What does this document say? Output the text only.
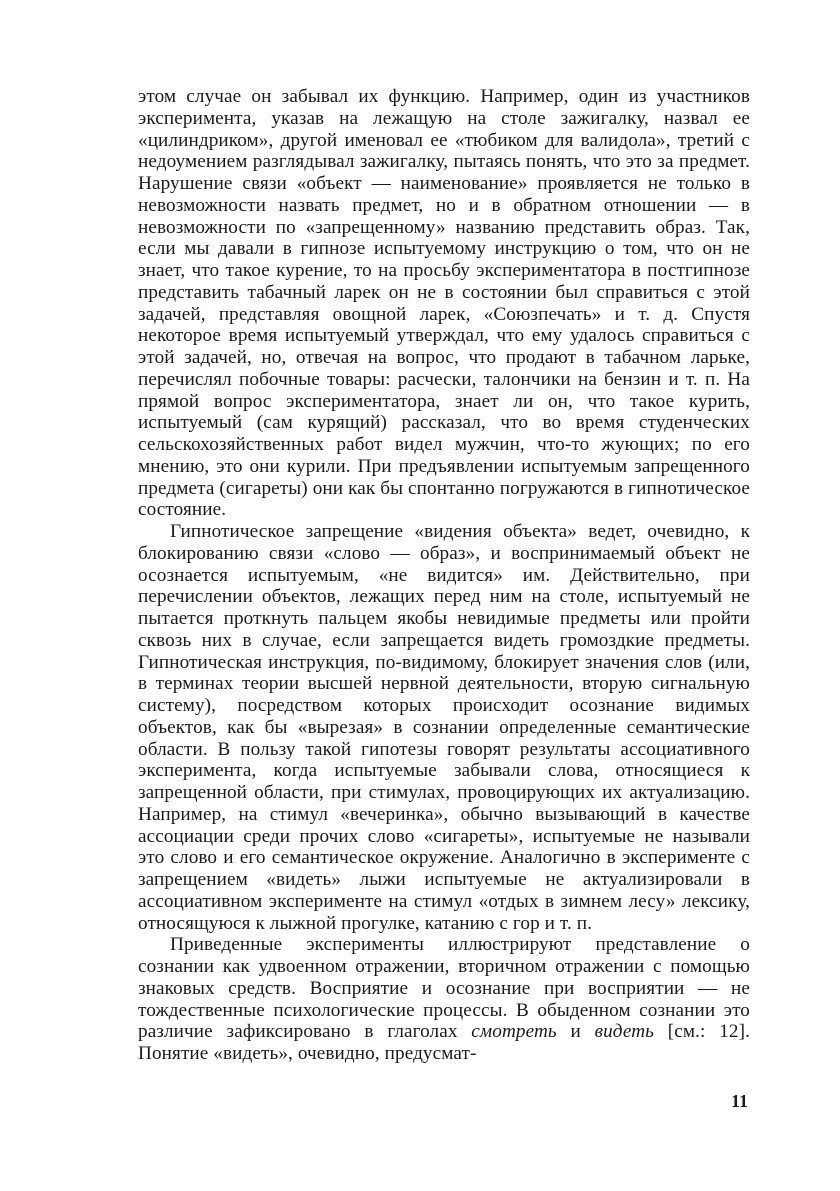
этом случае он забывал их функцию. Например, один из участников эксперимента, указав на лежащую на столе зажигалку, назвал ее «цилиндриком», другой именовал ее «тюбиком для валидола», третий с недоумением разглядывал зажигалку, пытаясь понять, что это за предмет. Нарушение связи «объект — наименование» проявляется не только в невозможности назвать предмет, но и в обратном отношении — в невозможности по «запрещенному» названию представить образ. Так, если мы давали в гипнозе испытуемому инструкцию о том, что он не знает, что такое курение, то на просьбу экспериментатора в постгипнозе представить табачный ларек он не в состоянии был справиться с этой задачей, представляя овощной ларек, «Союзпечать» и т. д. Спустя некоторое время испытуемый утверждал, что ему удалось справиться с этой задачей, но, отвечая на вопрос, что продают в табачном ларьке, перечислял побочные товары: расчески, талончики на бензин и т. п. На прямой вопрос экспериментатора, знает ли он, что такое курить, испытуемый (сам курящий) рассказал, что во время студенческих сельскохозяйственных работ видел мужчин, что-то жующих; по его мнению, это они курили. При предъявлении испытуемым запрещенного предмета (сигареты) они как бы спонтанно погружаются в гипнотическое состояние.

Гипнотическое запрещение «видения объекта» ведет, очевидно, к блокированию связи «слово — образ», и воспринимаемый объект не осознается испытуемым, «не видится» им. Действительно, при перечислении объектов, лежащих перед ним на столе, испытуемый не пытается проткнуть пальцем якобы невидимые предметы или пройти сквозь них в случае, если запрещается видеть громоздкие предметы. Гипнотическая инструкция, по-видимому, блокирует значения слов (или, в терминах теории высшей нервной деятельности, вторую сигнальную систему), посредством которых происходит осознание видимых объектов, как бы «вырезая» в сознании определенные семантические области. В пользу такой гипотезы говорят результаты ассоциативного эксперимента, когда испытуемые забывали слова, относящиеся к запрещенной области, при стимулах, провоцирующих их актуализацию. Например, на стимул «вечеринка», обычно вызывающий в качестве ассоциации среди прочих слово «сигареты», испытуемые не называли это слово и его семантическое окружение. Аналогично в эксперименте с запрещением «видеть» лыжи испытуемые не актуализировали в ассоциативном эксперименте на стимул «отдых в зимнем лесу» лексику, относящуюся к лыжной прогулке, катанию с гор и т. п.

Приведенные эксперименты иллюстрируют представление о сознании как удвоенном отражении, вторичном отражении с помощью знаковых средств. Восприятие и осознание при восприятии — не тождественные психологические процессы. В обыденном сознании это различие зафиксировано в глаголах смотреть и видеть [см.: 12]. Понятие «видеть», очевидно, предусмат-

11
